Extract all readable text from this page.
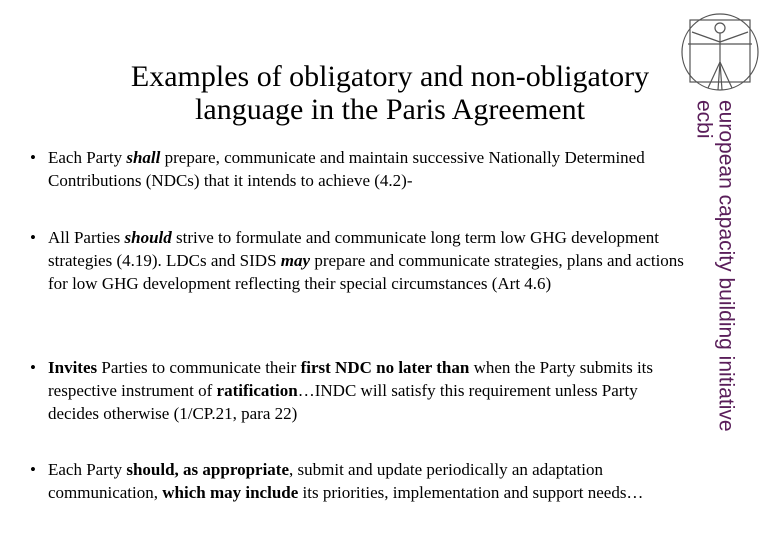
Examples of obligatory and non-obligatory
language in the Paris Agreement
• Each Party shall prepare, communicate and maintain successive Nationally Determined Contributions (NDCs) that it intends to achieve (4.2)-
• All Parties should strive to formulate and communicate long term low GHG development strategies (4.19). LDCs and SIDS may prepare and communicate strategies, plans and actions for low GHG development reflecting their special circumstances (Art 4.6)
• Invites Parties to communicate their first NDC no later than when the Party submits its respective instrument of ratification…INDC will satisfy this requirement unless Party decides otherwise (1/CP.21, para 22)
• Each Party should, as appropriate, submit and update periodically an adaptation communication, which may include its priorities, implementation and support needs…
european capacity building initiative
ecbi
